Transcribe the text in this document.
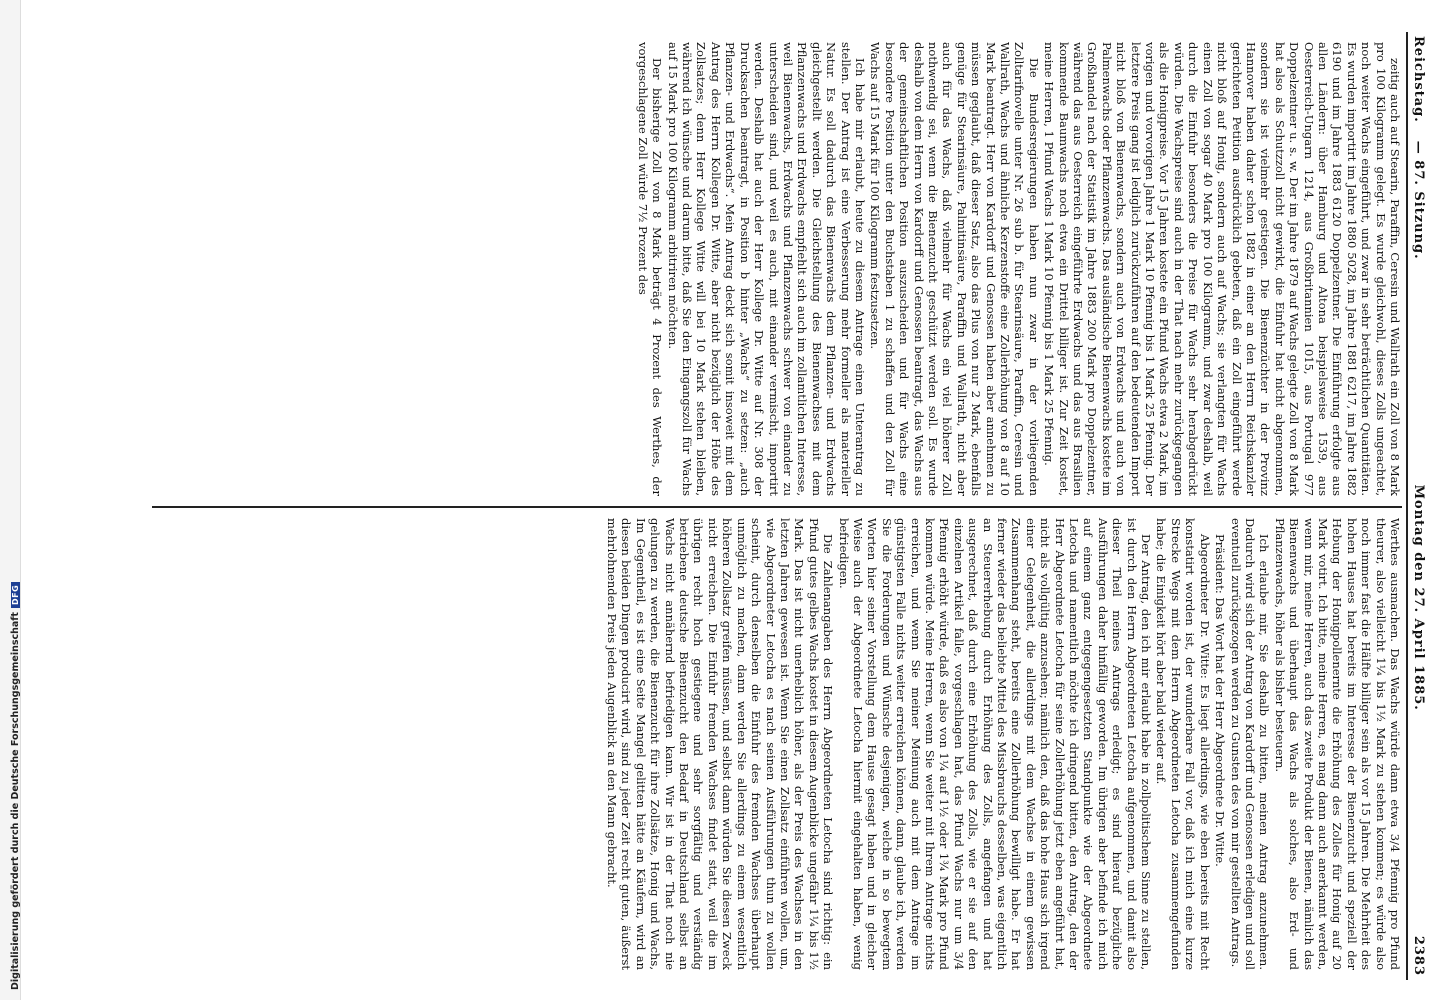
Digitalisierung gefördert durch die Deutsche ForschungsgemeinschaftDFG
Reichstag.
— 87. Sitzung.
Montag den 27. April 1885.
2383

zeitig auch auf Stearin, Paraffin, Ceresin und Wallrath ein Zoll von 8 Mark pro 100 Kilogramm gelegt. Es wurde gleichwohl, dieses Zolls ungeachtet, noch weiter Wachs eingeführt, und zwar in sehr beträchtlichen Quantitäten. Es wurden importirt im Jahre 1880 5028, im Jahre 1881 6217, im Jahre 1882 6190 und im Jahre 1883 6120 Doppelzentner. Die Einführung erfolgte aus allen Ländern: über Hamburg und Altona beispielsweise 1539, aus Oesterreich-Ungarn 1214, aus Großbritannien 1015, aus Portugal 977 Doppelzentner u. s. w. Der im Jahre 1879 auf Wachs gelegte Zoll von 8 Mark hat also als Schutzzoll nicht gewirkt, die Einfuhr hat nicht abgenommen, sondern sie ist vielmehr gestiegen. Die Bienenzüchter in der Provinz Hannover haben daher schon 1882 in einer an den Herrn Reichskanzler gerichteten Petition ausdrücklich gebeten, daß ein Zoll eingeführt werde nicht bloß auf Honig, sondern auch auf Wachs; sie verlangten für Wachs einen Zoll von sogar 40 Mark pro 100 Kilogramm, und zwar deshalb, weil durch die Einfuhr besonders die Preise für Wachs sehr herabgedrückt würden. Die Wachspreise sind auch in der That nach mehr zurückgegangen als die Honigpreise. Vor 15 Jahren kostete ein Pfund Wachs etwa 2 Mark, im vorigen und vorvorigen Jahre 1 Mark 10 Pfennig bis 1 Mark 25 Pfennig. Der letztere Preis gang ist lediglich zurückzuführen auf den bedeutenden Import nicht bloß von Bienenwachs, sondern auch von Erdwachs und auch von Palmenwachs oder Pflanzenwachs. Das ausländische Bienenwachs kostete im Großhandel nach der Statistik im Jahre 1883 200 Mark pro Doppelzentner, während das aus Oesterreich eingeführte Erdwachs und das aus Brasilien kommende Baumwachs noch etwa ein Drittel billiger ist. Zur Zeit kostet, meine Herren, 1 Pfund Wachs 1 Mark 10 Pfennig bis 1 Mark 25 Pfennig.

Die Bundesregierungen haben nun zwar in der vorliegenden Zolltarifnovelle unter Nr. 26 sub b. für Stearinsäure, Paraffin, Ceresin und Wallrath, Wachs und ähnliche Kerzenstoffe eine Zollerhöhung von 8 auf 10 Mark beantragt. Herr von Kardorff und Genossen haben aber annehmen zu müssen geglaubt, daß dieser Satz, also das Plus von nur 2 Mark, ebenfalls genüge für Stearinsäure, Palmitinsäure, Paraffin und Wallrath, nicht aber auch für das Wachs, daß vielmehr für Wachs ein viel höherer Zoll nothwendig sei, wenn die Bienenzucht geschützt werden soll. Es wurde deshalb von dem Herrn von Kardorff und Genossen beantragt, das Wachs aus der gemeinschaftlichen Position auszuscheiden und für Wachs eine besondere Position unter den Buchstaben 1 zu schaffen und den Zoll für Wachs auf 15 Mark für 100 Kilogramm festzusetzen.

Ich habe mir erlaubt, heute zu diesem Antrage einen Unterantrag zu stellen. Der Antrag ist eine Verbesserung mehr formeller als materieller Natur. Es soll dadurch das Bienenwachs dem Pflanzen- und Erdwachs gleichgestellt werden. Die Gleichstellung des Bienenwachses mit dem Pflanzenwachs und Erdwachs empfiehlt sich auch im zollamtlichen Interesse, weil Bienenwachs, Erdwachs und Pflanzenwachs schwer von einander zu unterscheiden sind, und weil es auch, mit einander vermischt, importirt werden. Deshalb hat auch der Herr Kollege Dr. Witte auf Nr. 308 der Drucksachen beantragt, in Position b hinter „Wachs“ zu setzen: „auch Pflanzen- und Erdwachs“. Mein Antrag deckt sich somit insoweit mit dem Antrag des Herrn Kollegen Dr. Witte, aber nicht bezüglich der Höhe des Zollsatzes; denn Herr Kollege Witte will bei 10 Mark stehen bleiben, während ich wünsche und darum bitte, daß Sie den Eingangszoll für Wachs auf 15 Mark pro 100 Kilogramm arbitriren möchten.

Der bisherige Zoll von 8 Mark beträgt 4 Prozent des Werthes, der vorgeschlagene Zoll würde 7½ Prozent des

Werthes ausmachen. Das Wachs würde dann etwa 3/4 Pfennig pro Pfund theurer, also vielleicht 1¼ bis 1½ Mark zu stehen kommen; es würde also noch immer fast die Hälfte billiger sein als vor 15 Jahren. Die Mehrheit des hohen Hauses hat bereits im Interesse der Bienenzucht und speziell der Hebung der Honigpollenernte die Erhöhung des Zolles für Honig auf 20 Mark votirt. Ich bitte, meine Herren, es mag dann auch anerkannt werden, wenn mir, meine Herren, auch das zweite Produkt der Bienen, nämlich das Bienenwachs und überhaupt das Wachs als solches, also Erd- und Pflanzenwachs, höher als bisher besteuern.

Ich erlaube mir, Sie deshalb zu bitten, meinen Antrag anzunehmen. Dadurch wird sich der Antrag von Kardorff und Genossen erledigen und soll eventuell zurückgezogen werden zu Gunsten des von mir gestellten Antrags.

Präsident: Das Wort hat der Herr Abgeordnete Dr. Witte.

Abgeordneter Dr. Witte: Es liegt allerdings, wie eben bereits mit Recht konstatirt worden ist, der wunderbare Fall vor, daß ich mich eine kurze Strecke Wegs mit dem Herrn Abgeordneten Letocha zusammengefunden habe; die Einigkeit hört aber bald wieder auf.

Der Antrag, den ich mir erlaubt habe in zollpolitischem Sinne zu stellen, ist durch den Herrn Abgeordneten Letocha aufgenommen, und damit also dieser Theil meines Antrags erledigt; es sind hierauf bezügliche Ausführungen daher hinfällig geworden. Im übrigen aber befinde ich mich auf einem ganz entgegengesetzten Standpunkte wie der Abgeordnete Letocha und namentlich möchte ich dringend bitten, den Antrag, den der Herr Abgeordnete Letocha für seine Zollerhöhung jetzt eben angeführt hat, nicht als vollgültig anzusehen; nämlich den, daß das hohe Haus sich irgend einer Gelegenheit, die allerdings mit dem Wachse in einem gewissen Zusammenhang steht, bereits eine Zollerhöhung bewilligt habe. Er hat ferner wieder das beliebte Mittel des Missbrauchs desselben, was eigentlich an Steuererhebung durch Erhöhung des Zolls, angefangen und hat ausgerechnet, daß durch eine Erhöhung des Zolls, wie er sie auf den einzelnen Artikel falle, vorgeschlagen hat, das Pfund Wachs nur um 3/4 Pfennig erhöht würde, daß es also von 1¼ auf 1½ oder 1¾ Mark pro Pfund kommen würde. Meine Herren, wenn Sie weiter mit Ihrem Antrage nichts erreichen, und wenn Sie meiner Meinung auch mit dem Antrage im günstigsten Falle nichts weiter erreichen können, dann, glaube ich, werden Sie die Forderungen und Wünsche desjenigen, welche in so bewegtem Worten hier seiner Vorstellung dem Hause gesagt haben und in gleicher Weise auch der Abgeordnete Letocha hiermit eingehalten haben, wenig befriedigen.

Die Zahlenangaben des Herrn Abgeordneten Letocha sind richtig: ein Pfund gutes gelbes Wachs kostet in diesem Augenblicke ungefähr 1¼ bis 1½ Mark. Das ist nicht unerheblich höher, als der Preis des Wachses in den letzten Jahren gewesen ist. Wenn Sie einen Zollsatz einführen wollen, um, wie Abgeordneter Letocha es nach seinen Ausführungen thun zu wollen scheint, durch denselben die Einfuhr des fremden Wachses überhaupt unmöglich zu machen, dann werden Sie allerdings zu einem wesentlich höheren Zollsatz greifen müssen, und selbst dann würden Sie diesen Zweck nicht erreichen. Die Einfuhr fremden Wachses findet statt, weil die im übrigen recht hoch gestiegene und sehr sorgfältig und verständig betriebene deutsche Bienenzucht den Bedarf in Deutschland selbst an Wachs nicht annähernd befriedigen kann. Wir ist in der That noch nie gelungen zu werden, die Bienenzucht für ihre Zollsätze, Honig und Wachs, Im Gegentheil, es ist eine Seite Mangel gelitten hätte an Käufern, wird an diesen beiden Dingen producirt wird, sind zu jeder Zeit recht guten, äußerst mehrlohnenden Preis jeden Augenblick an den Mann gebracht.
